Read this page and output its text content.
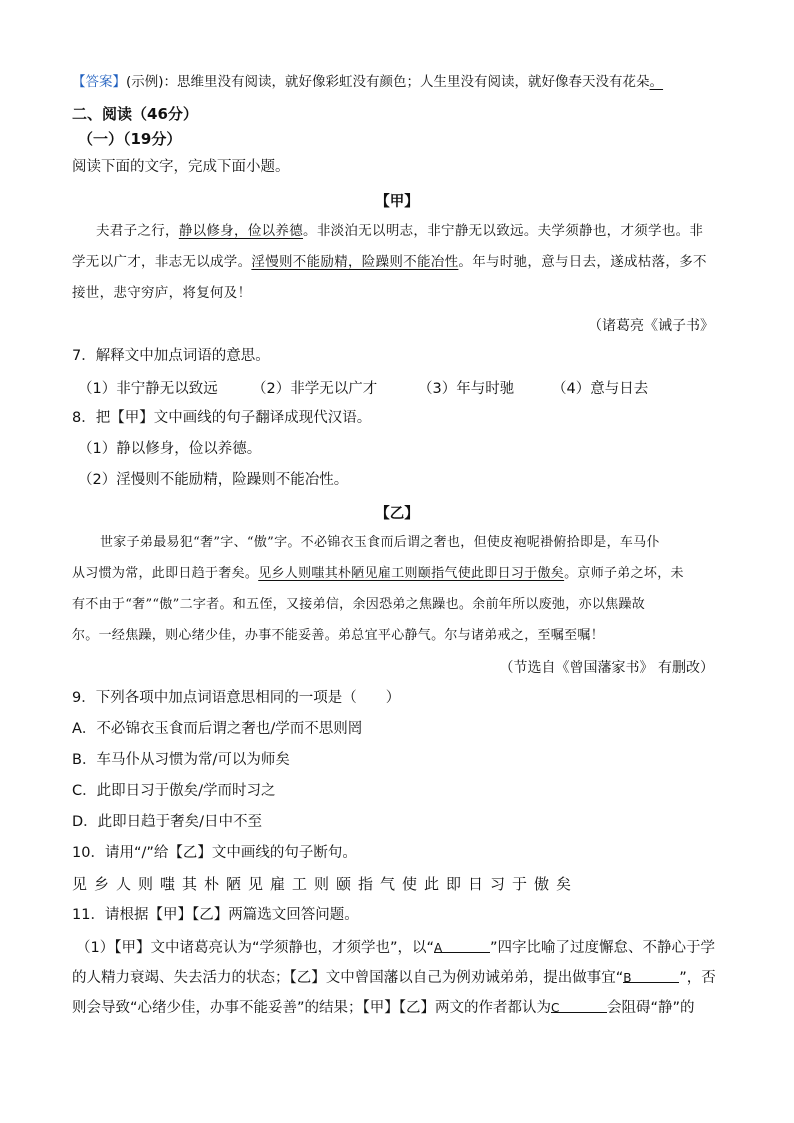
【答案】(示例)：思维里没有阅读，就好像彩虹没有颜色；人生里没有阅读，就好像春天没有花朵。
二、阅读（46分）
（一）（19分）
阅读下面的文字，完成下面小题。
【甲】
夫君子之行，静以修身，俭以养德。非淡泊无以明志，非宁静无以致远。夫学须静也，才须学也。非
学无以广才，非志无以成学。淫慢则不能励精，险躁则不能冶性。年与时驰，意与日去，遂成枯落，多不
接世，悲守穷庐，将复何及！
（诸葛亮《诫子书》
7．解释文中加点词语的意思。
（1）非宁静无以致远 （2）非学无以广才	（3）年与时驰	（4）意与日去
8．把【甲】文中画线的句子翻译成现代汉语。
（1）静以修身，俭以养德。
（2）淫慢则不能励精，险躁则不能冶性。
【乙】
世家子弟最易犯“奢”字、“傲”字。不必锦衣玉食而后谓之奢也，但使皮袍呢褂俯拾即是，车马仆
从习惯为常，此即日趋于奢矣。见乡人则嗤其朴陋见雇工则颐指气使此即日习于傲矣。京师子弟之坏，未
有不由于“奢”“傲”二字者。和五侄，又接弟信，余因恐弟之焦躁也。余前年所以废弛，亦以焦躁故
尔。一经焦躁，则心绪少佳，办事不能妥善。弟总宜平心静气。尔与诸弟戒之，至嘱至嘱！
（节选自《曾国藩家书》 有删改）
9．下列各项中加点词语意思相同的一项是（　　）
A．不必锦衣玉食而后谓之奢也/学而不思则罔
B．车马仆从习惯为常/可以为师矣
C．此即日习于傲矣/学而时习之
D．此即日趋于奢矣/日中不至
10．请用“/”给【乙】文中画线的句子断句。
见乡人则嗤其朴陋见雇工则颐指气使此即日习于傲矣
11．请根据【甲】【乙】两篇选文回答问题。
（1）【甲】文中诸葛亮认为“学须静也，才须学也”，以“A	”四字比喻了过度懈怠、不静心于学
的人精力衰竭、失去活力的状态；【乙】文中曾国藩以自己为例劝诫弟弟，提出做事宜“B	”，否
则会导致“心绪少佳，办事不能妥善”的结果；【甲】【乙】两文的作者都认为C	会阻碍“静”的
